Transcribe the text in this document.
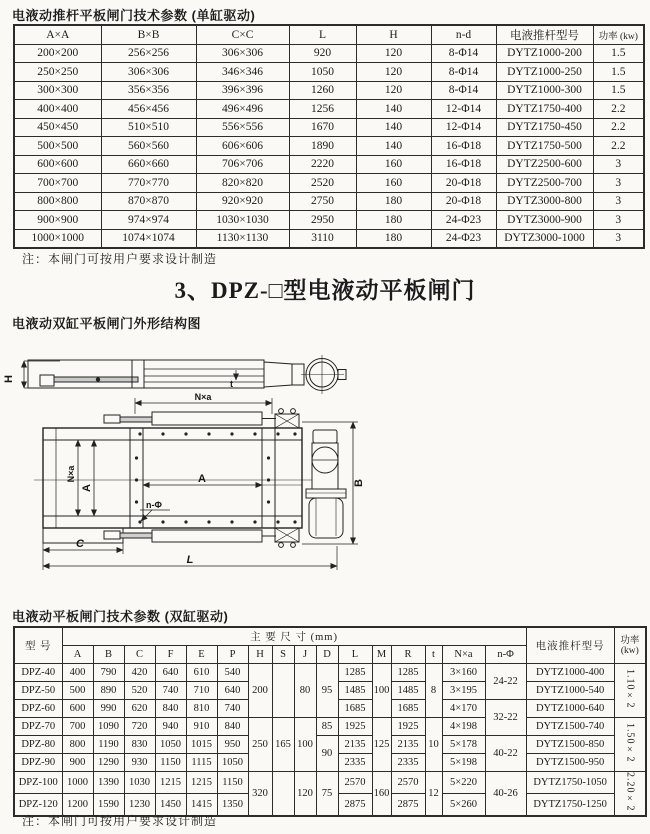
电液动推杆平板闸门技术参数 (单缸驱动)
A×A	B×B	C×C	L	H	n-d	电液推杆型号	功率 (kw)
200×200	256×256	306×306	920	120	8-Φ14	DYTZ1000-200	1.5
250×250	306×306	346×346	1050	120	8-Φ14	DYTZ1000-250	1.5
300×300	356×356	396×396	1260	120	8-Φ14	DYTZ1000-300	1.5
400×400	456×456	496×496	1256	140	12-Φ14	DYTZ1750-400	2.2
450×450	510×510	556×556	1670	140	12-Φ14	DYTZ1750-450	2.2
500×500	560×560	606×606	1890	140	16-Φ18	DYTZ1750-500	2.2
600×600	660×660	706×706	2220	160	16-Φ18	DYTZ2500-600	3
700×700	770×770	820×820	2520	160	20-Φ18	DYTZ2500-700	3
800×800	870×870	920×920	2750	180	20-Φ18	DYTZ3000-800	3
900×900	974×974	1030×1030	2950	180	24-Φ23	DYTZ3000-900	3
1000×1000	1074×1074	1130×1130	3110	180	24-Φ23	DYTZ3000-1000	3
注：本闸门可按用户要求设计制造
3、DPZ-□型电液动平板闸门
电液动双缸平板闸门外形结构图
H	t
N×a
N×a
A
A	B
C
L
n-Φ
电液动平板闸门技术参数 (双缸驱动)
型 号	主 要 尺 寸 (mm)																电液推杆型号	功率
(kw)
	A	B	C	F	E	P	H	S	J	D	L	M	R	t	N×a	n-Φ		
DPZ-40	400	790	420	640	610	540	200		80	95	1285	100	1285	8	3×160	24-22	DYTZ1000-400	1.10×2
DPZ-50	500	890	520	740	710	640					1485		1485		3×195		DYTZ1000-540	
DPZ-60	600	990	620	840	810	740					1685		1685		4×170	32-22	DYTZ1000-640	
DPZ-70	700	1090	720	940	910	840	250	165	100	85	1925	125	1925	10	4×198		DYTZ1500-740	1.50×2
DPZ-80	800	1190	830	1050	1015	950				90	2135		2135		5×178	40-22	DYTZ1500-850	
DPZ-90	900	1290	930	1150	1115	1050					2335		2335		5×198		DYTZ1500-950	
DPZ-100	1000	1390	1030	1215	1215	1150	320		120	75	2570	160	2570	12	5×220	40-26	DYTZ1750-1050	2.20×2
DPZ-120	1200	1590	1230	1450	1415	1350					2875		2875		5×260		DYTZ1750-1250	
注：本闸门可按用户要求设计制造
